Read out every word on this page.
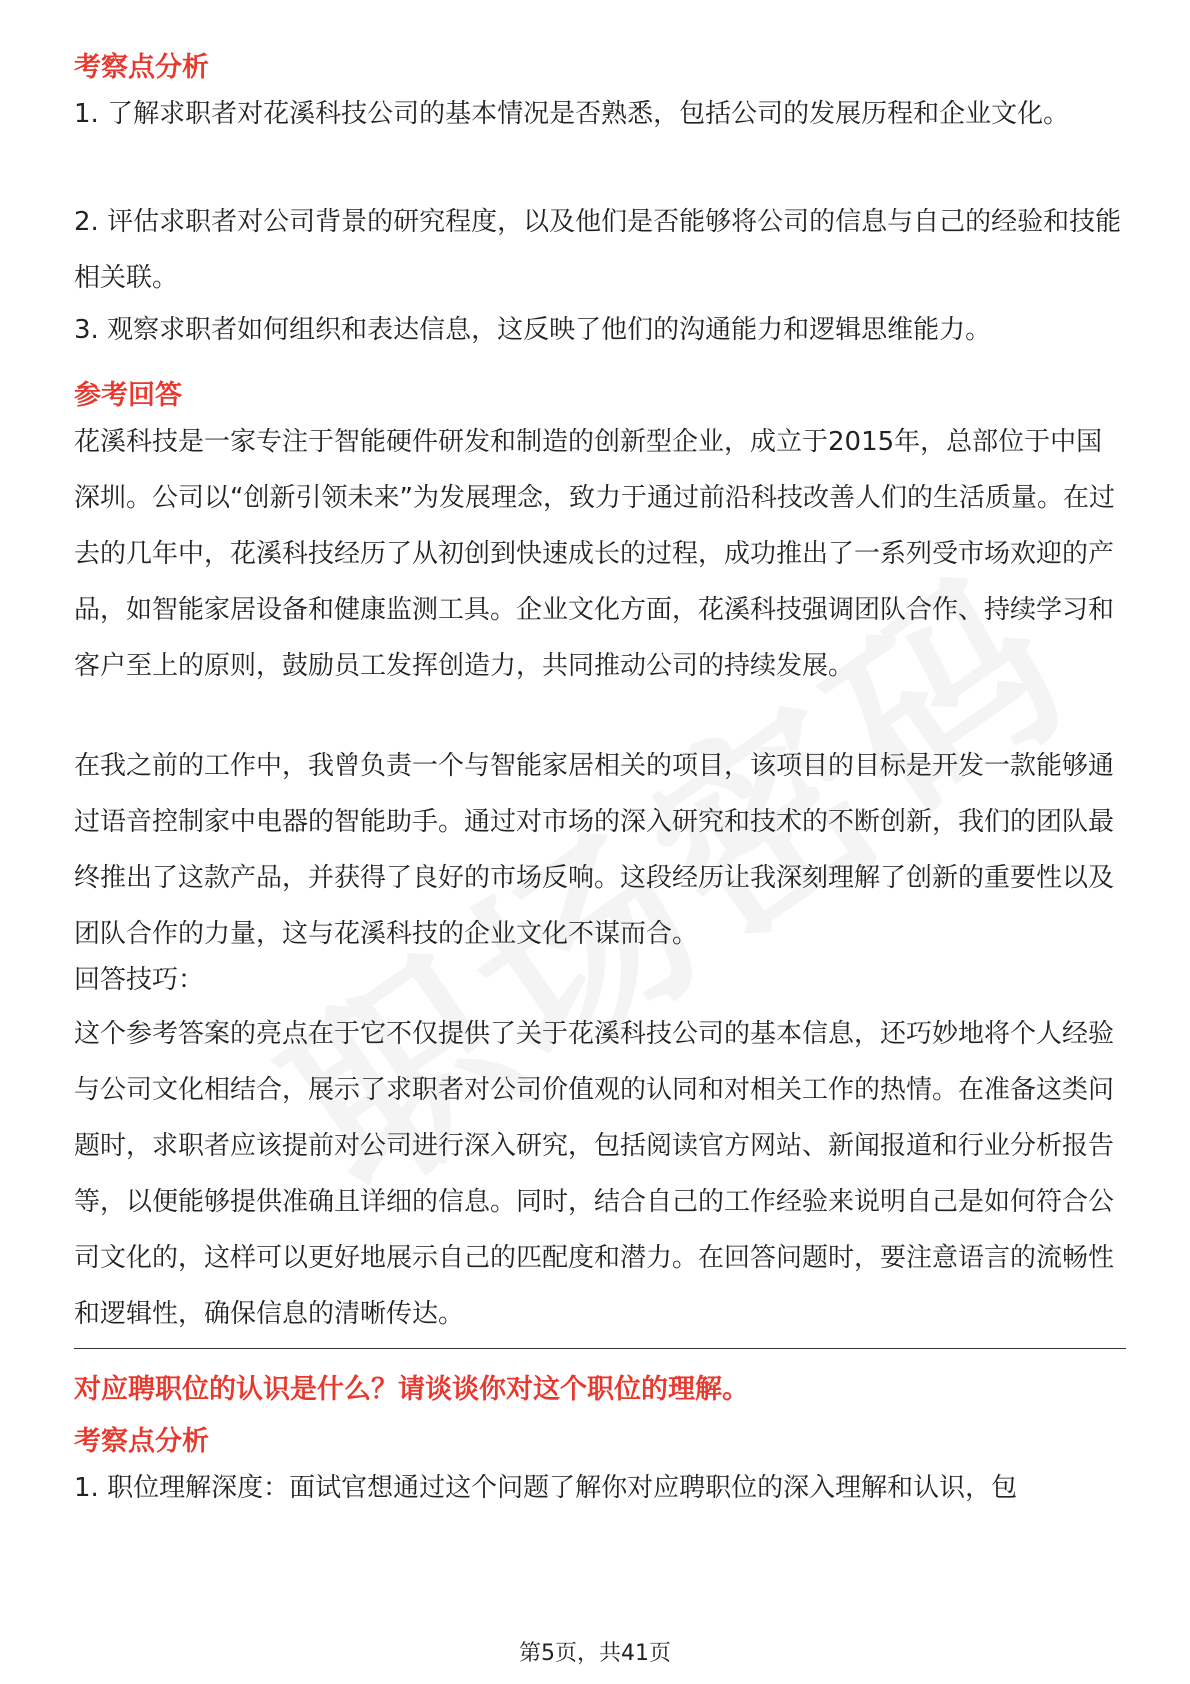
考察点分析

1. 了解求职者对花溪科技公司的基本情况是否熟悉，包括公司的发展历程和企业文化。

2. 评估求职者对公司背景的研究程度，以及他们是否能够将公司的信息与自己的经验和技能相关联。

3. 观察求职者如何组织和表达信息，这反映了他们的沟通能力和逻辑思维能力。

参考回答

花溪科技是一家专注于智能硬件研发和制造的创新型企业，成立于2015年，总部位于中国深圳。公司以“创新引领未来”为发展理念，致力于通过前沿科技改善人们的生活质量。在过去的几年中，花溪科技经历了从初创到快速成长的过程，成功推出了一系列受市场欢迎的产品，如智能家居设备和健康监测工具。企业文化方面，花溪科技强调团队合作、持续学习和客户至上的原则，鼓励员工发挥创造力，共同推动公司的持续发展。

在我之前的工作中，我曾负责一个与智能家居相关的项目，该项目的目标是开发一款能够通过语音控制家中电器的智能助手。通过对市场的深入研究和技术的不断创新，我们的团队最终推出了这款产品，并获得了良好的市场反响。这段经历让我深刻理解了创新的重要性以及团队合作的力量，这与花溪科技的企业文化不谋而合。

回答技巧：

这个参考答案的亮点在于它不仅提供了关于花溪科技公司的基本信息，还巧妙地将个人经验与公司文化相结合，展示了求职者对公司价值观的认同和对相关工作的热情。在准备这类问题时，求职者应该提前对公司进行深入研究，包括阅读官方网站、新闻报道和行业分析报告等，以便能够提供准确且详细的信息。同时，结合自己的工作经验来说明自己是如何符合公司文化的，这样可以更好地展示自己的匹配度和潜力。在回答问题时，要注意语言的流畅性和逻辑性，确保信息的清晰传达。

对应聘职位的认识是什么？请谈谈你对这个职位的理解。
考察点分析

1. 职位理解深度：面试官想通过这个问题了解你对应聘职位的深入理解和认识，包

第5页，共41页
